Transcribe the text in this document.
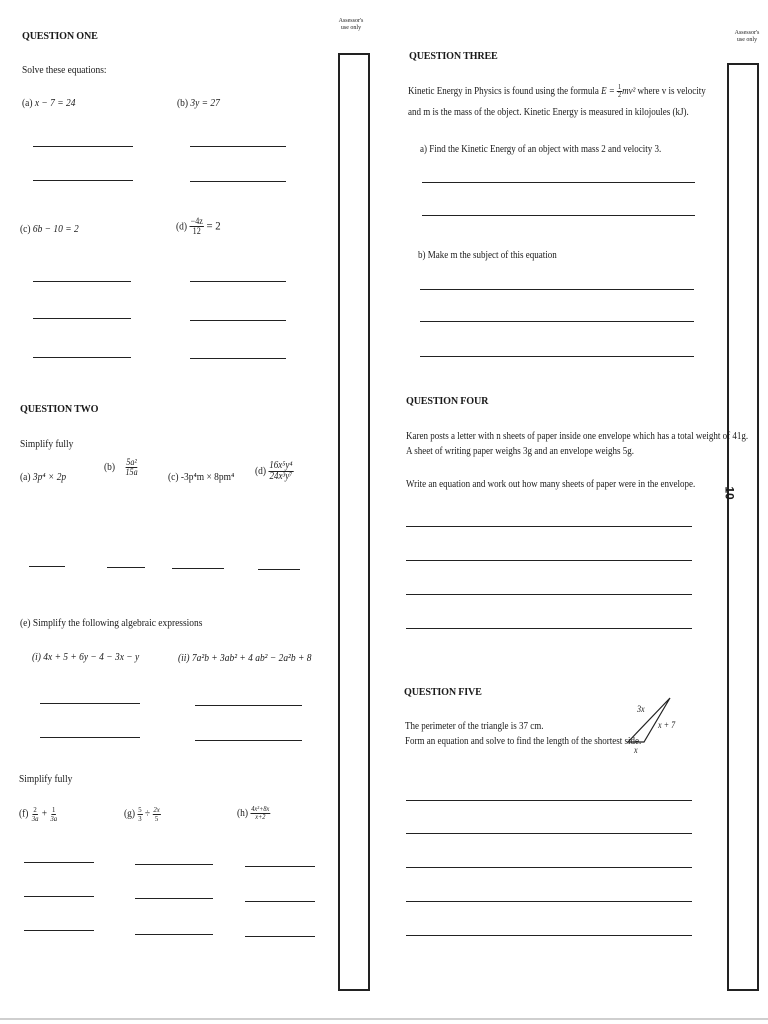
Assessor's use only
Assessor's use only
10
QUESTION ONE
Solve these equations:
(a) x − 7 = 24	(b) 3y = 27
(c) 6b − 10 = 2	$(d) \frac{-4z}{12} = 2$
QUESTION TWO
Simplify fully
(a) 3p⁴ × 2p
$(b) \frac{\text{5a²}}{15a}$
(c) -3p⁴m × 8pm⁴
$(d) \frac{\text{16x⁵y⁴}}{\text{24x³y⁷}}$
(e) Simplify the following algebraic expressions
(i) 4x + 5 + 6y − 4 − 3x − y	(ii) 7a²b + 3ab² + 4 ab² − 2a²b + 8
Simplify fully
$(f) \frac{2}{3a} + \frac{1}{3a}$	$(g) \frac{5}{3} \div \frac{2x}{5}$	$(h) \frac{\text{4x²+8x}}{x+2}$
QUESTION THREE
Kinetic Energy in Physics is found using the formula $E = \frac{1}{2} mv^2$ where v is velocity
and m is the mass of the object. Kinetic Energy is measured in kilojoules (kJ).
a) Find the Kinetic Energy of an object with mass 2 and velocity 3.
b) Make m the subject of this equation
QUESTION FOUR
Karen posts a letter with n sheets of paper inside one envelope which has a total weight of 41g.
A sheet of writing paper weighs 3g and an envelope weighs 5g.
Write an equation and work out how many sheets of paper were in the envelope.
QUESTION FIVE
The perimeter of the triangle is 37 cm.
Form an equation and solve to find the length of the shortest side.
3x
x + 7
x
